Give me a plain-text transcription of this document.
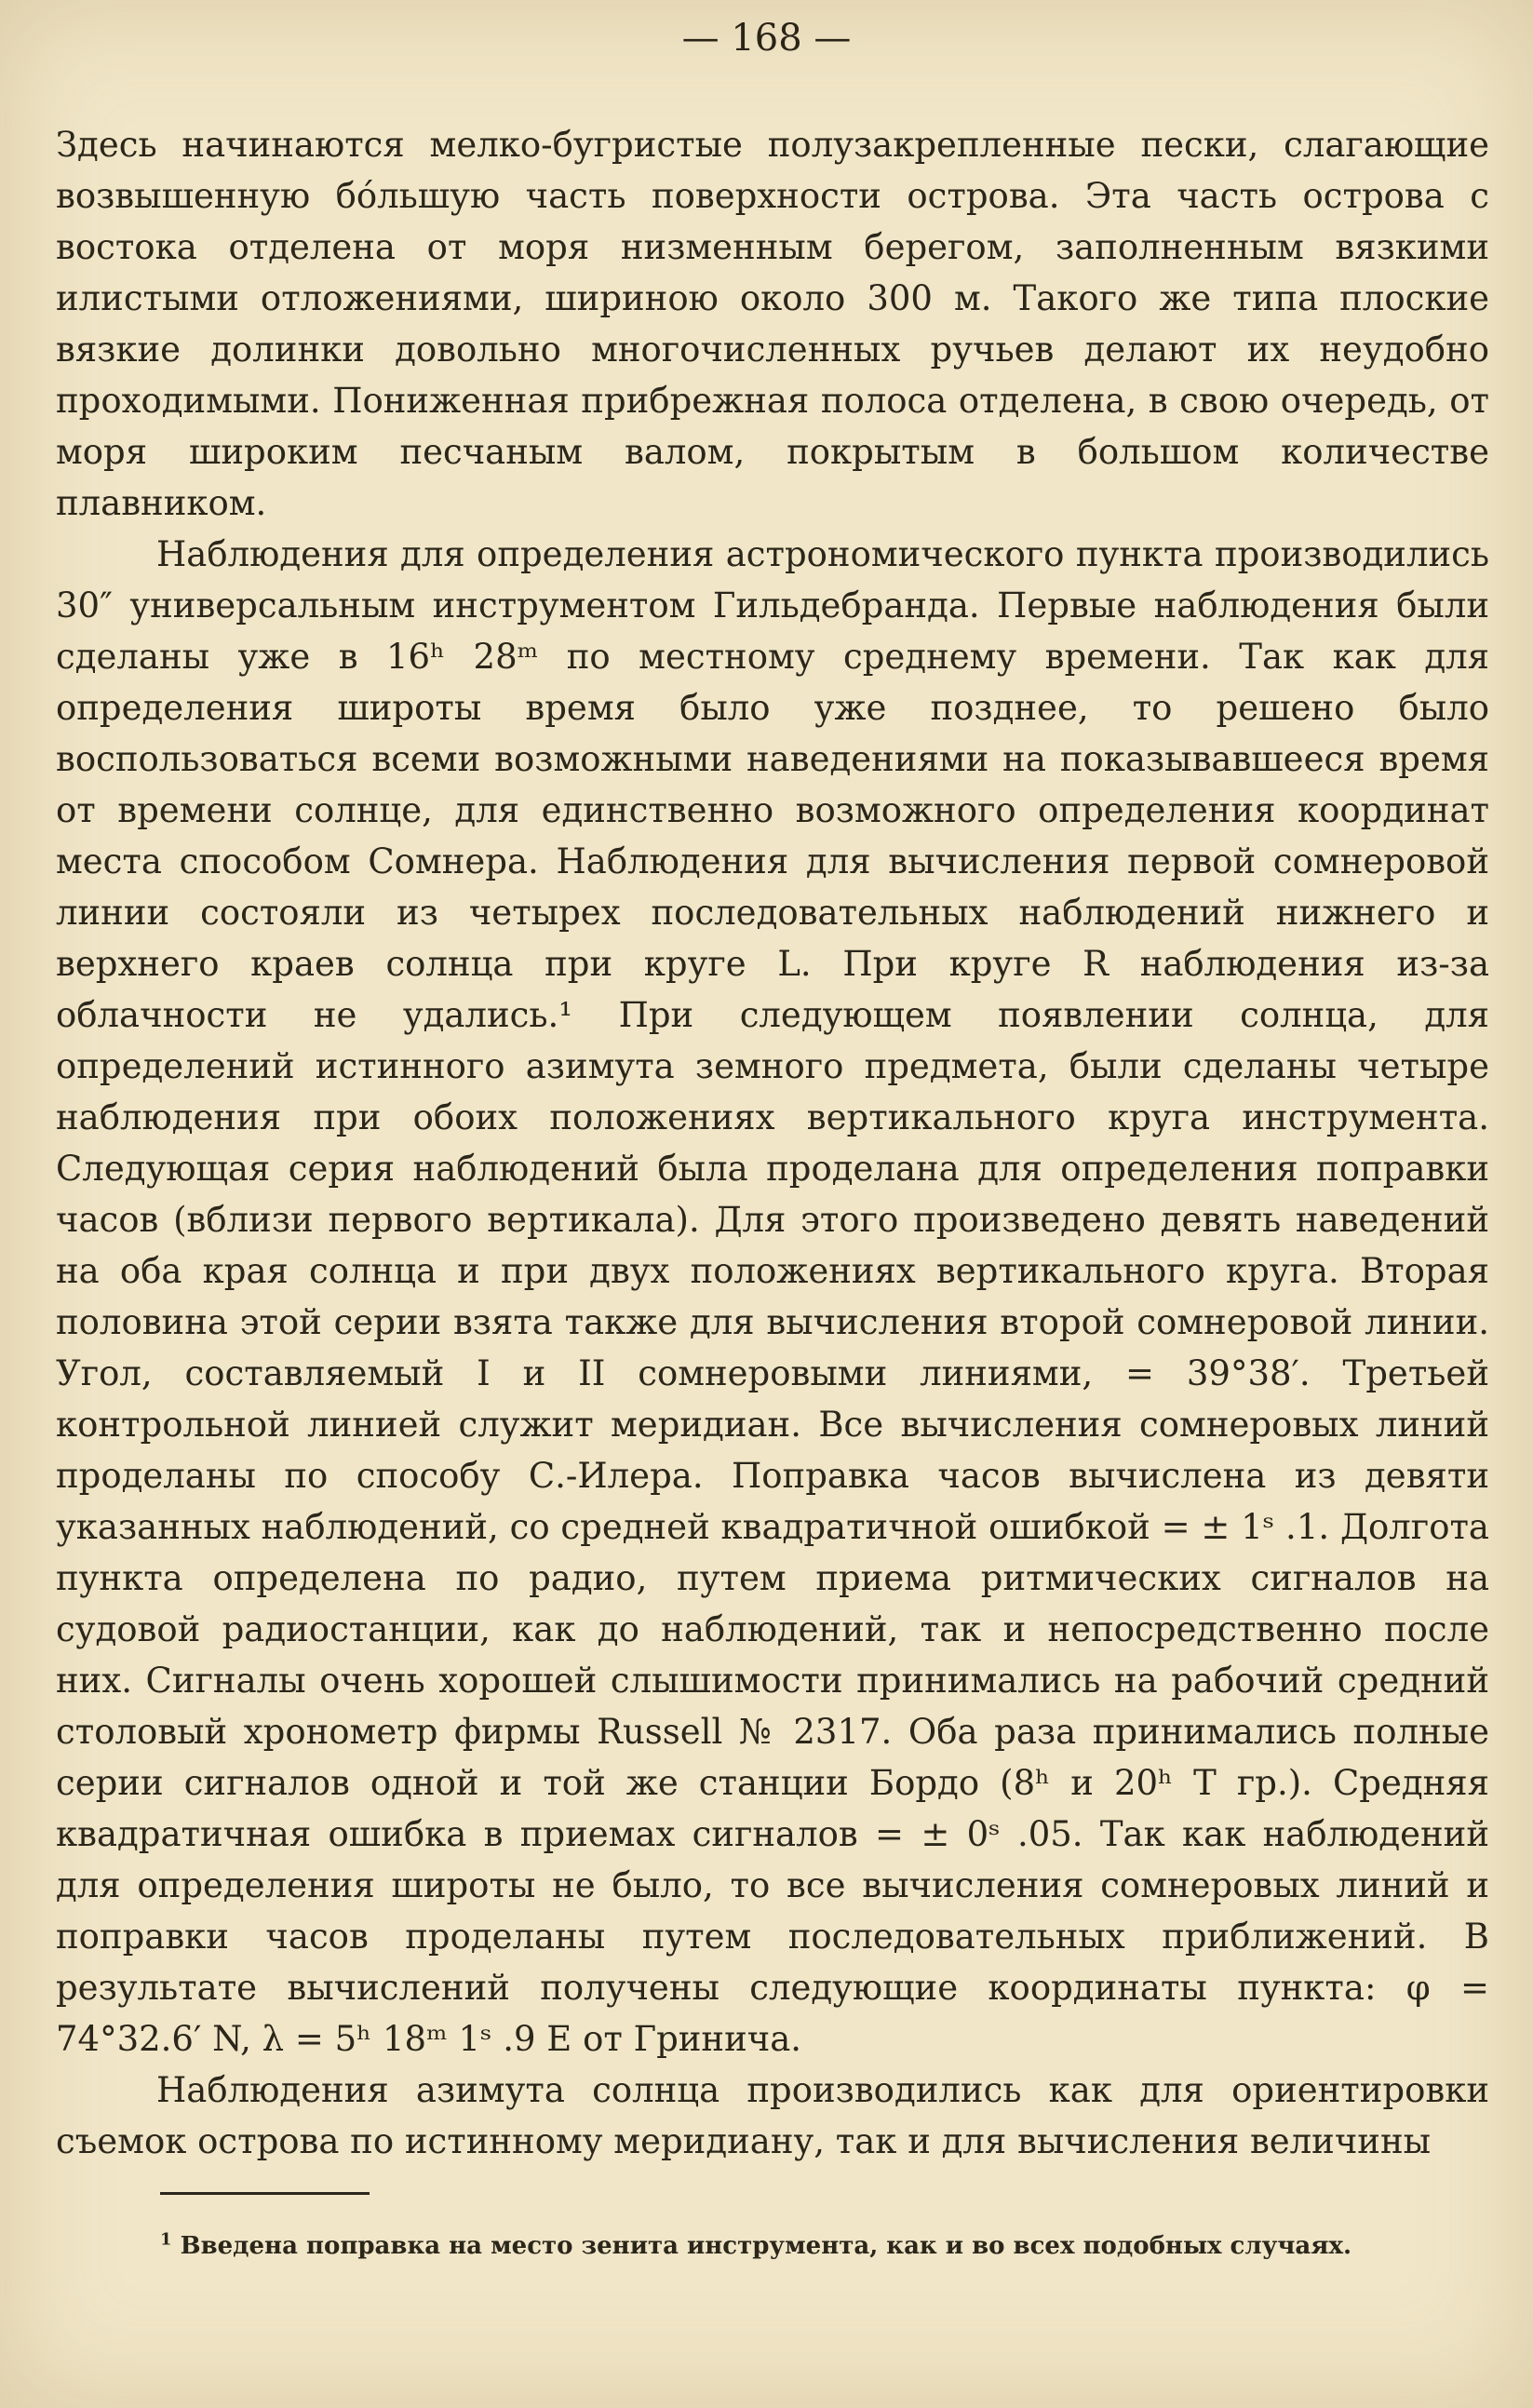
— 168 —

Здесь начинаются мелко-бугристые полузакрепленные пески, слагающие возвышенную бóльшую часть поверхности острова. Эта часть острова с востока отделена от моря низменным берегом, заполненным вязкими илистыми отложениями, шириною около 300 м. Такого же типа плоские вязкие долинки довольно многочисленных ручьев делают их неудобно проходимыми. Пониженная прибрежная полоса отделена, в свою очередь, от моря широким песчаным валом, покрытым в большом количестве плавником.

Наблюдения для определения астрономического пункта производились 30″ универсальным инструментом Гильдебранда. Первые наблюдения были сделаны уже в 16ʰ 28ᵐ по местному среднему времени. Так как для определения широты время было уже позднее, то решено было воспользоваться всеми возможными наведениями на показывавшееся время от времени солнце, для единственно возможного определения координат места способом Сомнера. Наблюдения для вычисления первой сомнеровой линии состояли из четырех последовательных наблюдений нижнего и верхнего краев солнца при круге L. При круге R наблюдения из-за облачности не удались.¹ При следующем появлении солнца, для определений истинного азимута земного предмета, были сделаны четыре наблюдения при обоих положениях вертикального круга инструмента. Следующая серия наблюдений была проделана для определения поправки часов (вблизи первого вертикала). Для этого произведено девять наведений на оба края солнца и при двух положениях вертикального круга. Вторая половина этой серии взята также для вычисления второй сомнеровой линии. Угол, составляемый I и II сомнеровыми линиями, = 39°38′. Третьей контрольной линией служит меридиан. Все вычисления сомнеровых линий проделаны по способу С.-Илера. Поправка часов вычислена из девяти указанных наблюдений, со средней квадратичной ошибкой = ± 1ˢ .1. Долгота пункта определена по радио, путем приема ритмических сигналов на судовой радиостанции, как до наблюдений, так и непосредственно после них. Сигналы очень хорошей слышимости принимались на рабочий средний столовый хронометр фирмы Russell № 2317. Оба раза принимались полные серии сигналов одной и той же станции Бордо (8ʰ и 20ʰ Т гр.). Средняя квадратичная ошибка в приемах сигналов = ± 0ˢ .05. Так как наблюдений для определения широты не было, то все вычисления сомнеровых линий и поправки часов проделаны путем последовательных приближений. В результате вычислений получены следующие координаты пункта: φ = 74°32.6′ N, λ = 5ʰ 18ᵐ 1ˢ .9 E от Гринича.

Наблюдения азимута солнца производились как для ориентировки съемок острова по истинному меридиану, так и для вычисления величины

$^1$ Введена поправка на место зенита инструмента, как и во всех подобных случаях.
